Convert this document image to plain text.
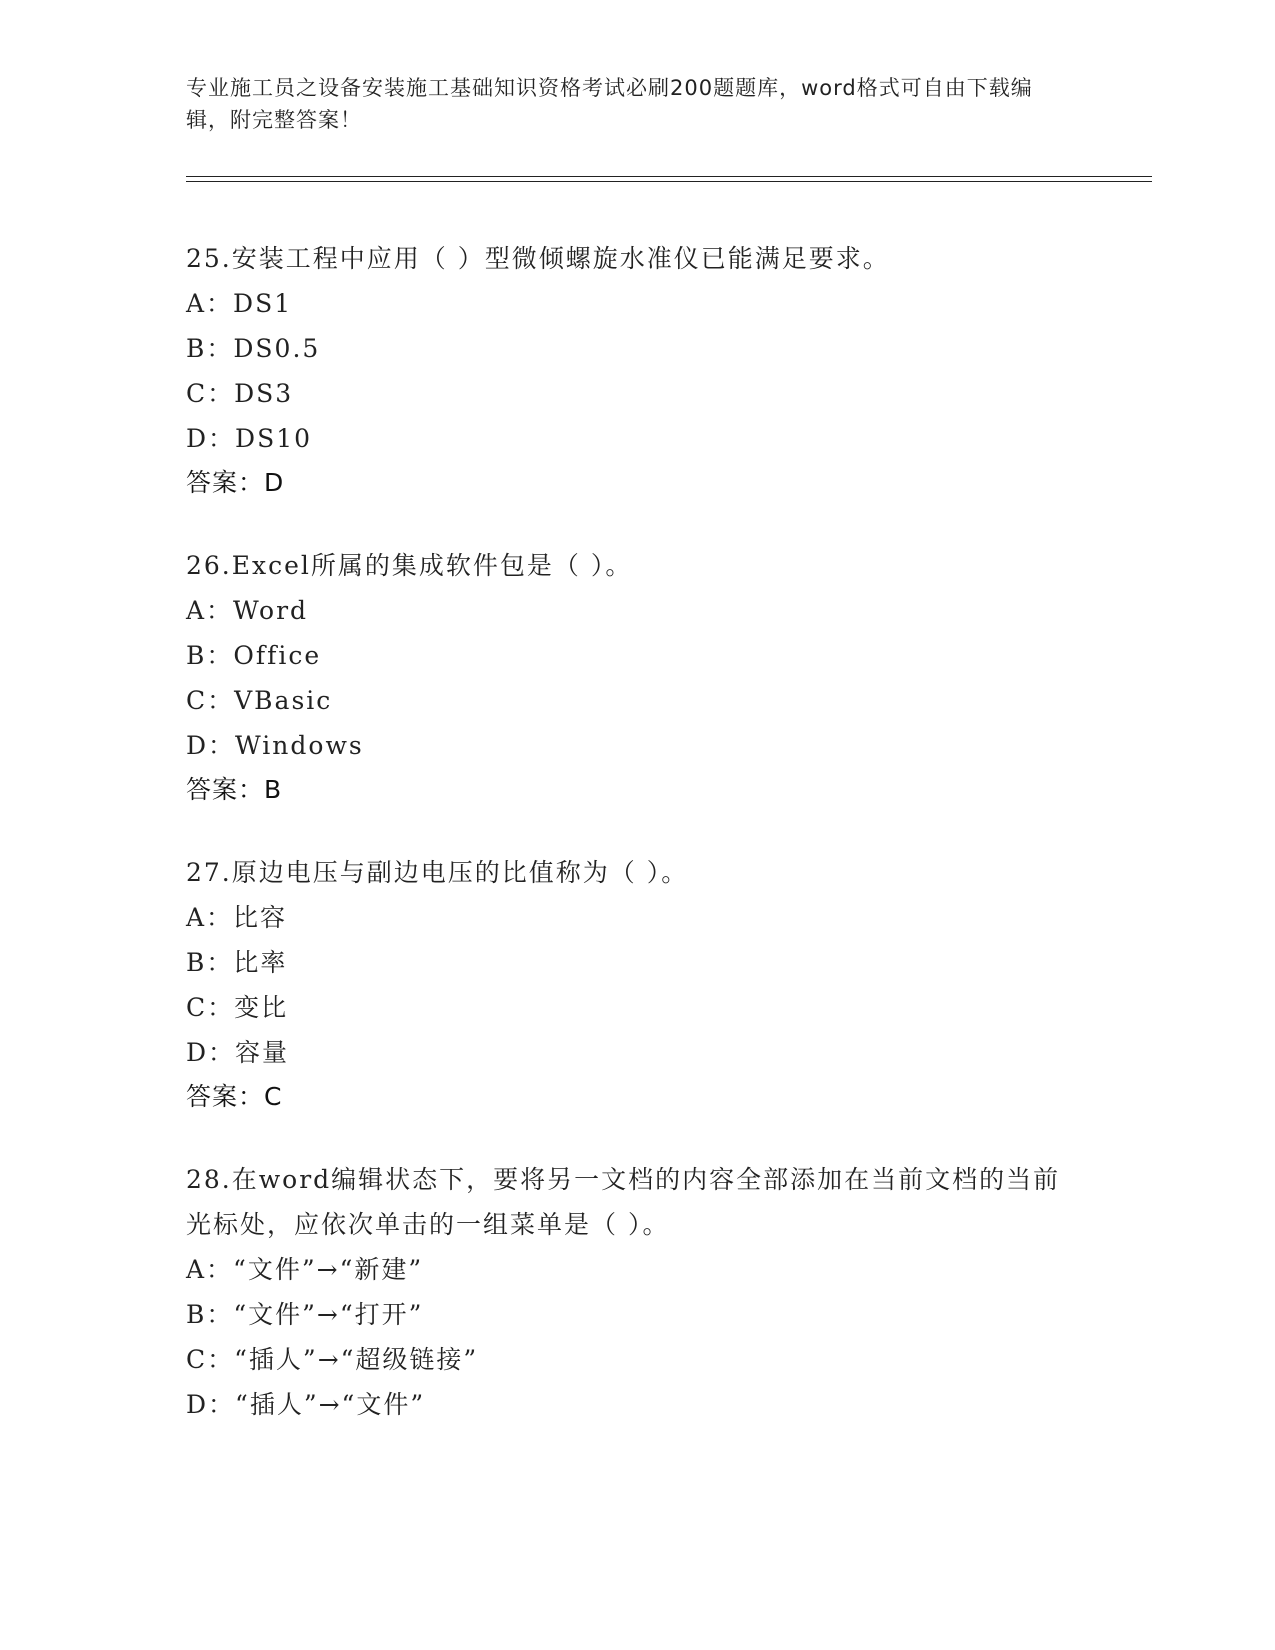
专业施工员之设备安装施工基础知识资格考试必刷200题题库，word格式可自由下载编辑，附完整答案！
25.安装工程中应用（ ）型微倾螺旋水准仪已能满足要求。
A：DS1
B：DS0.5
C：DS3
D：DS10
答案：D
26.Excel所属的集成软件包是（ ）。
A：Word
B：Office
C：VBasic
D：Windows
答案：B
27.原边电压与副边电压的比值称为（ ）。
A：比容
B：比率
C：变比
D：容量
答案：C
28.在word编辑状态下，要将另一文档的内容全部添加在当前文档的当前光标处，应依次单击的一组菜单是（ ）。
A：“文件”→“新建”
B：“文件”→“打开”
C：“插人”→“超级链接”
D：“插人”→“文件”
